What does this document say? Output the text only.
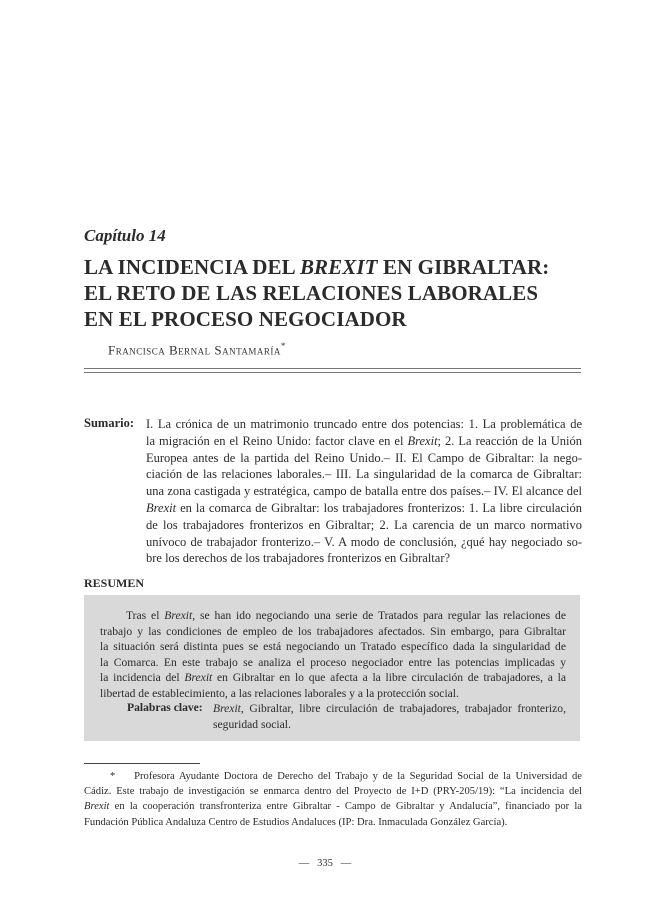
Capítulo 14
LA INCIDENCIA DEL BREXIT EN GIBRALTAR:
EL RETO DE LAS RELACIONES LABORALES
EN EL PROCESO NEGOCIADOR
Francisca Bernal Santamaría*
Sumario: I. La crónica de un matrimonio truncado entre dos potencias: 1. La problemática de
la migración en el Reino Unido: factor clave en el Brexit; 2. La reacción de la Unión
Europea antes de la partida del Reino Unido.– II. El Campo de Gibraltar: la nego-
ciación de las relaciones laborales.– III. La singularidad de la comarca de Gibraltar:
una zona castigada y estratégica, campo de batalla entre dos países.– IV. El alcance del
Brexit en la comarca de Gibraltar: los trabajadores fronterizos: 1. La libre circulación
de los trabajadores fronterizos en Gibraltar; 2. La carencia de un marco normativo
unívoco de trabajador fronterizo.– V. A modo de conclusión, ¿qué hay negociado so-
bre los derechos de los trabajadores fronterizos en Gibraltar?
RESUMEN
Tras el Brexit, se han ido negociando una serie de Tratados para regular las relaciones de
trabajo y las condiciones de empleo de los trabajadores afectados. Sin embargo, para Gibraltar
la situación será distinta pues se está negociando un Tratado específico dada la singularidad de
la Comarca. En este trabajo se analiza el proceso negociador entre las potencias implicadas y
la incidencia del Brexit en Gibraltar en lo que afecta a la libre circulación de trabajadores, a la
libertad de establecimiento, a las relaciones laborales y a la protección social.
Palabras clave: Brexit, Gibraltar, libre circulación de trabajadores, trabajador fronterizo,
seguridad social.
*    Profesora Ayudante Doctora de Derecho del Trabajo y de la Seguridad Social de la Universidad de
Cádiz. Este trabajo de investigación se enmarca dentro del Proyecto de I+D (PRY-205/19): “La incidencia del
Brexit en la cooperación transfronteriza entre Gibraltar - Campo de Gibraltar y Andalucía”, financiado por la
Fundación Pública Andaluza Centro de Estudios Andaluces (IP: Dra. Inmaculada González García).
—   335   —
